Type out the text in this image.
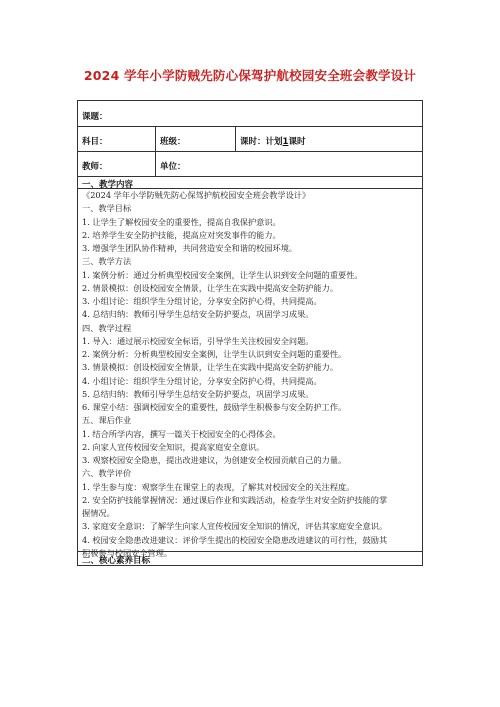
2024 学年小学防贼先防心保驾护航校园安全班会教学设计
课题：
科目：	班级：	课时：计划1课时
教师：	单位：
一、教学内容
《2024 学年小学防贼先防心保驾护航校园安全班会教学设计》
一、教学目标
1. 让学生了解校园安全的重要性，提高自我保护意识。
2. 培养学生安全防护技能，提高应对突发事件的能力。
3. 增强学生团队协作精神，共同营造安全和谐的校园环境。
三、教学方法
1. 案例分析：通过分析典型校园安全案例，让学生认识到安全问题的重要性。
2. 情景模拟：创设校园安全情景，让学生在实践中提高安全防护能力。
3. 小组讨论：组织学生分组讨论，分享安全防护心得，共同提高。
4. 总结归纳：教师引导学生总结安全防护要点，巩固学习成果。
四、教学过程
1. 导入：通过展示校园安全标语，引导学生关注校园安全问题。
2. 案例分析：分析典型校园安全案例，让学生认识到安全问题的重要性。
3. 情景模拟：创设校园安全情景，让学生在实践中提高安全防护能力。
4. 小组讨论：组织学生分组讨论，分享安全防护心得，共同提高。
5. 总结归纳：教师引导学生总结安全防护要点，巩固学习成果。
6. 课堂小结：强调校园安全的重要性，鼓励学生积极参与安全防护工作。
五、课后作业
1. 结合所学内容，撰写一篇关于校园安全的心得体会。
2. 向家人宣传校园安全知识，提高家庭安全意识。
3. 观察校园安全隐患，提出改进建议，为创建安全校园贡献自己的力量。
六、教学评价
1. 学生参与度：观察学生在课堂上的表现，了解其对校园安全的关注程度。
2. 安全防护技能掌握情况：通过课后作业和实践活动，检查学生对安全防护技能的掌
握情况。
3. 家庭安全意识：了解学生向家人宣传校园安全知识的情况，评估其家庭安全意识。
4. 校园安全隐患改进建议：评价学生提出的校园安全隐患改进建议的可行性，鼓励其
积极参与校园安全管理。
二、核心素养目标
